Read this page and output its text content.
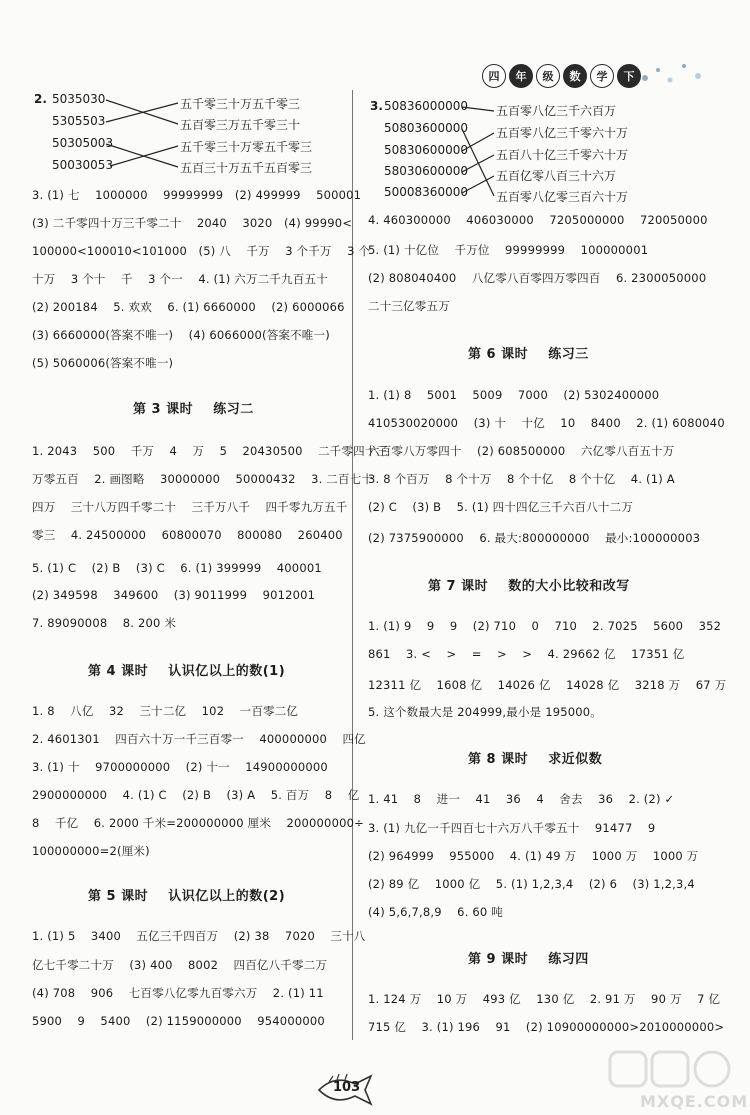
四	年	级	数	学	下
2. 5035030
5305503
50305003
50030053
五千零三十万五千零三
五百零三万五千零三十
五千零三十万零五千零三
五百三十万五千五百零三
3. (1) 七    1000000    99999999   (2) 499999    500001
(3) 二千零四十万三千零二十    2040    3020   (4) 99990<
100000<100010<101000   (5) 八    千万    3 个千万    3 个
十万    3 个十    千    3 个一    4. (1) 六万二千九百五十
(2) 200184    5. 欢欢    6. (1) 6660000    (2) 6000066
(3) 6660000(答案不唯一)    (4) 6066000(答案不唯一)
(5) 5060006(答案不唯一)
第 3 课时    练习二
1. 2043    500    千万    4    万    5    20430500    二千零四十三
万零五百    2. 画图略    30000000    50000432    3. 二百七十
四万    三十八万四千零二十    三千万八千    四千零九万五千
零三    4. 24500000    60800070    800080    260400
5. (1) C    (2) B    (3) C    6. (1) 399999    400001
(2) 349598    349600    (3) 9011999    9012001
7. 89090008    8. 200 米
第 4 课时    认识亿以上的数(1)
1. 8    八亿    32    三十二亿    102    一百零二亿
2. 4601301    四百六十万一千三百零一    400000000    四亿
3. (1) 十    9700000000    (2) 十一    14900000000
2900000000    4. (1) C    (2) B    (3) A    5. 百万    8    亿
8    千亿    6. 2000 千米=200000000 厘米    200000000÷
100000000=2(厘米)
第 5 课时    认识亿以上的数(2)
1. (1) 5    3400    五亿三千四百万    (2) 38    7020    三十八
亿七千零二十万    (3) 400    8002    四百亿八千零二万
(4) 708    906    七百零八亿零九百零六万    2. (1) 11
5900    9    5400    (2) 1159000000    954000000
3. 50836000000
50803600000
50830600000
58030600000
50008360000
五百零八亿三千六百万
五百零八亿三千零六十万
五百八十亿三千零六十万
五百亿零八百三十六万
五百零八亿零三百六十万
4. 460300000    406030000    7205000000    720050000
5. (1) 十亿位    千万位    99999999    100000001
(2) 808040400    八亿零八百零四万零四百    6. 2300050000
二十三亿零五万
第 6 课时    练习三
1. (1) 8    5001    5009    7000    (2) 5302400000
410530020000    (3) 十    十亿    10    8400    2. (1) 6080040
六百零八万零四十    (2) 608500000    六亿零八百五十万
3. 8 个百万    8 个十万    8 个十亿    8 个十亿    4. (1) A
(2) C    (3) B    5. (1) 四十四亿三千六百八十二万
(2) 7375900000    6. 最大:800000000    最小:100000003
第 7 课时    数的大小比较和改写
1. (1) 9    9    9    (2) 710    0    710    2. 7025    5600    352
861    3. <    >    =    >    >    4. 29662 亿    17351 亿
12311 亿    1608 亿    14026 亿    14028 亿    3218 万    67 万
5. 这个数最大是 204999,最小是 195000。
第 8 课时    求近似数
1. 41    8    进一    41    36    4    舍去    36    2. (2) ✓
3. (1) 九亿一千四百七十六万八千零五十    91477    9
(2) 964999    955000    4. (1) 49 万    1000 万    1000 万
(2) 89 亿    1000 亿    5. (1) 1,2,3,4    (2) 6    (3) 1,2,3,4
(4) 5,6,7,8,9    6. 60 吨
第 9 课时    练习四
1. 124 万    10 万    493 亿    130 亿    2. 91 万    90 万    7 亿
715 亿    3. (1) 196    91    (2) 10900000000>2010000000>
103
MXQE.COM
